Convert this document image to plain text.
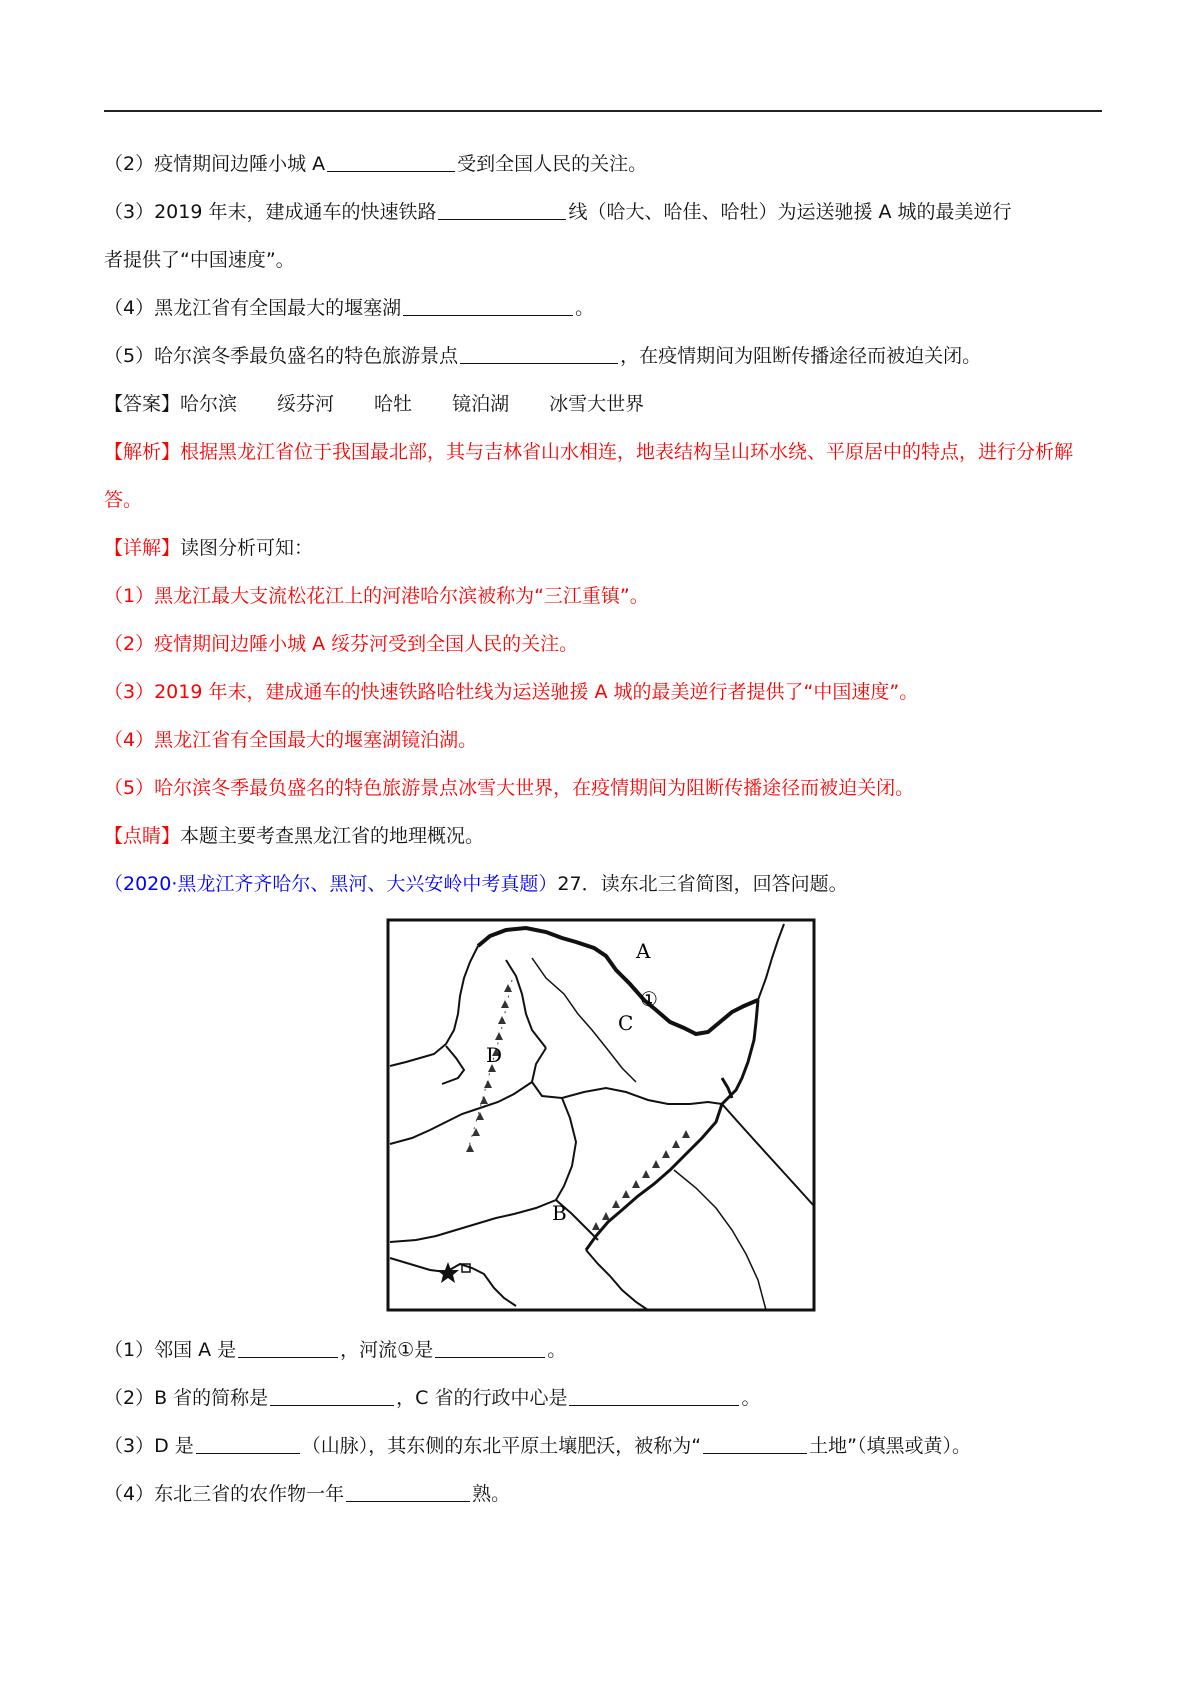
（2）疫情期间边陲小城 A	受到全国人民的关注。
（3）2019 年末，建成通车的快速铁路	线（哈大、哈佳、哈牡）为运送驰援 A 城的最美逆行
者提供了“中国速度”。
（4）黑龙江省有全国最大的堰塞湖	。
（5）哈尔滨冬季最负盛名的特色旅游景点	，在疫情期间为阻断传播途径而被迫关闭。
【答案】哈尔滨 绥芬河 哈牡 镜泊湖 冰雪大世界
【解析】根据黑龙江省位于我国最北部，其与吉林省山水相连，地表结构呈山环水绕、平原居中的特点，进行分析解答。
【详解】读图分析可知：
（1）黑龙江最大支流松花江上的河港哈尔滨被称为“三江重镇”。
（2）疫情期间边陲小城 A 绥芬河受到全国人民的关注。
（3）2019 年末，建成通车的快速铁路哈牡线为运送驰援 A 城的最美逆行者提供了“中国速度”。
（4）黑龙江省有全国最大的堰塞湖镜泊湖。
（5）哈尔滨冬季最负盛名的特色旅游景点冰雪大世界，在疫情期间为阻断传播途径而被迫关闭。
【点睛】本题主要考查黑龙江省的地理概况。
（2020·黑龙江齐齐哈尔、黑河、大兴安岭中考真题）27．读东北三省简图，回答问题。
A
C
D
B
①
（1）邻国 A 是	，河流①是	。
（2）B 省的简称是	，C 省的行政中心是	。
（3）D 是	（山脉），其东侧的东北平原土壤肥沃，被称为“	土地”（填黑或黄）。
（4）东北三省的农作物一年	熟。
